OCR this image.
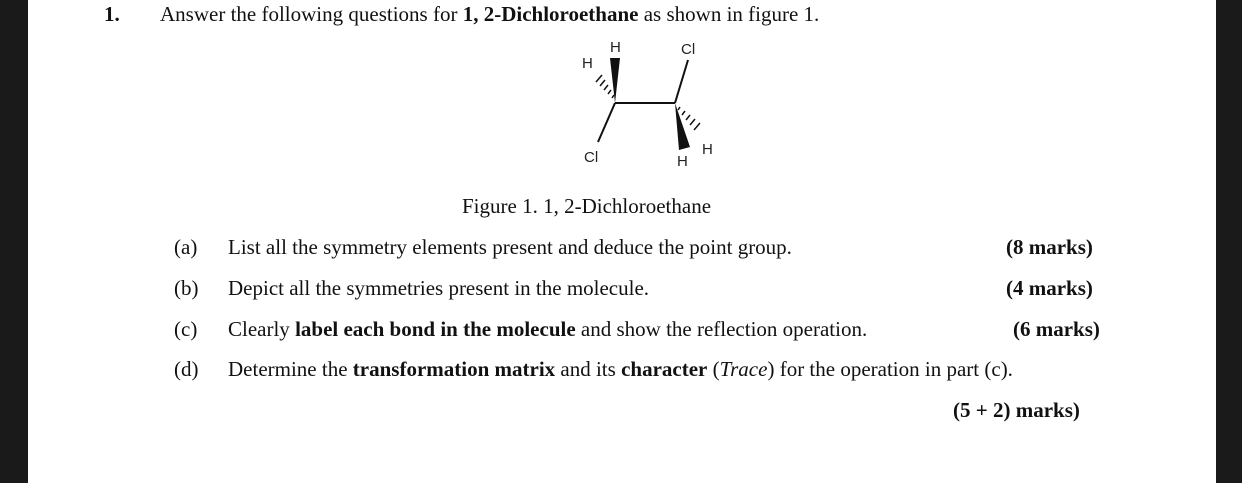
1. Answer the following questions for 1, 2-Dichloroethane as shown in figure 1.
H
H
Cl
Cl	H
H
Figure 1. 1, 2-Dichloroethane
(a) List all the symmetry elements present and deduce the point group.	(8 marks)
(b) Depict all the symmetries present in the molecule.	(4 marks)
(c) Clearly label each bond in the molecule and show the reflection operation.	(6 marks)
(d) Determine the transformation matrix and its character (Trace) for the operation in part (c).
(5 + 2) marks)
